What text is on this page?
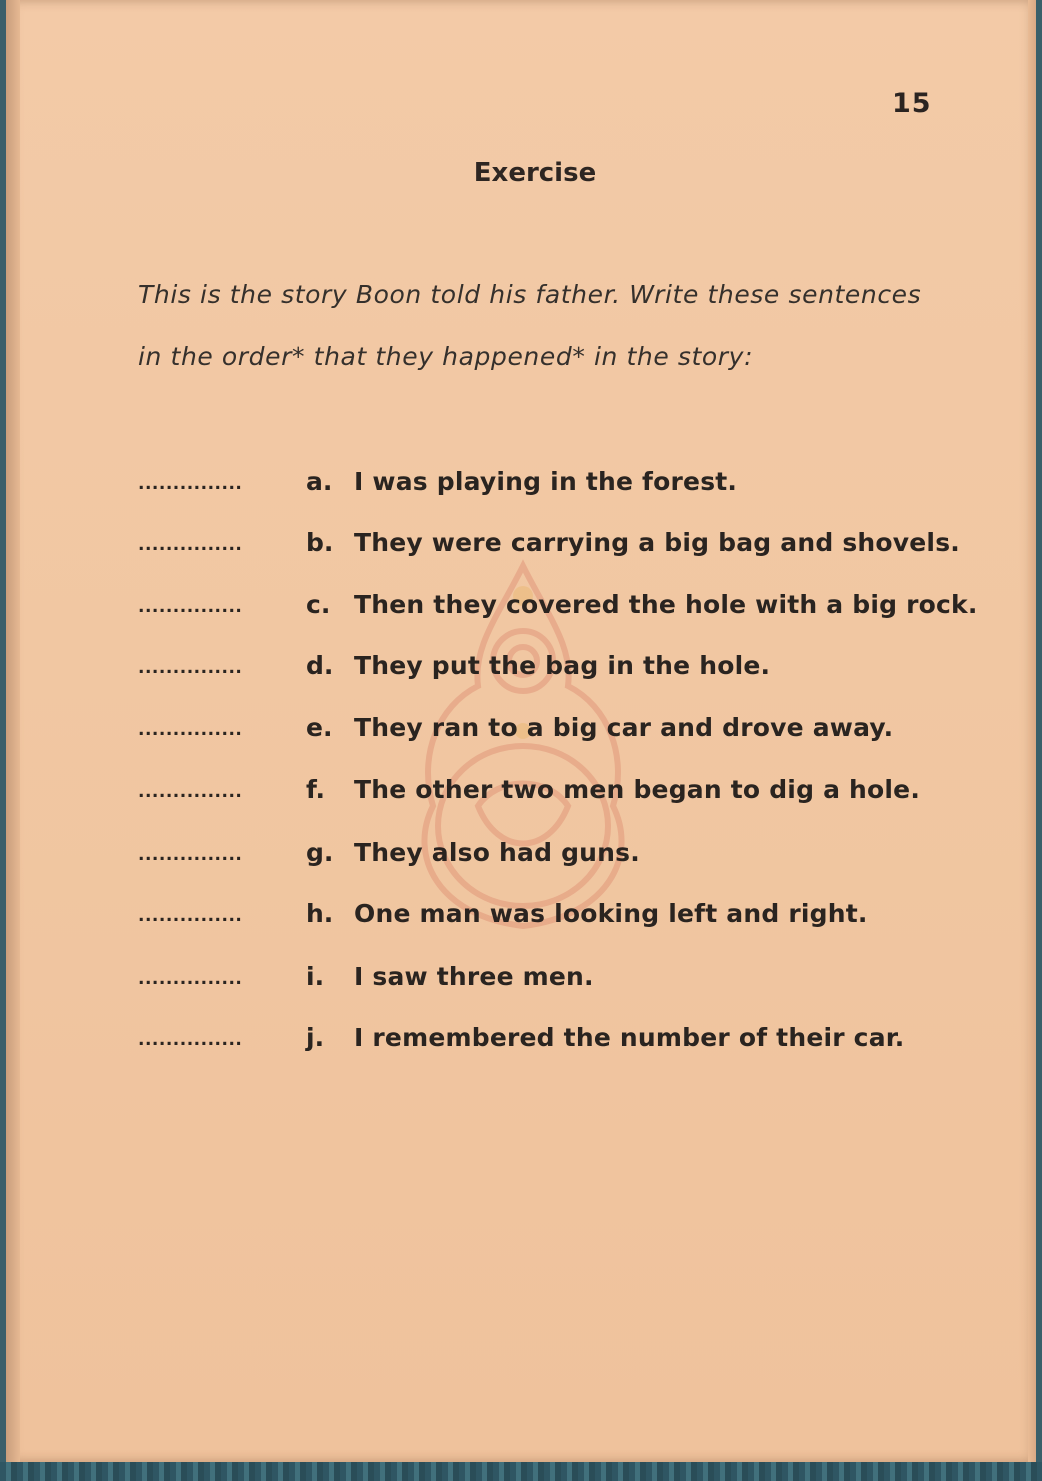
15
Exercise
This is the story Boon told his father. Write these sentences
in the order* that they happened* in the story:
...............	a. I was playing in the forest.
...............	b. They were carrying a big bag and shovels.
...............	c. Then they covered the hole with a big rock.
...............	d. They put the bag in the hole.
...............	e. They ran to a big car and drove away.
...............	f.	The other two men began to dig a hole.
...............	g. They also had guns.
...............	h. One man was looking left and right.
...............	i.	I saw three men.
...............	j.	I remembered the number of their car.
